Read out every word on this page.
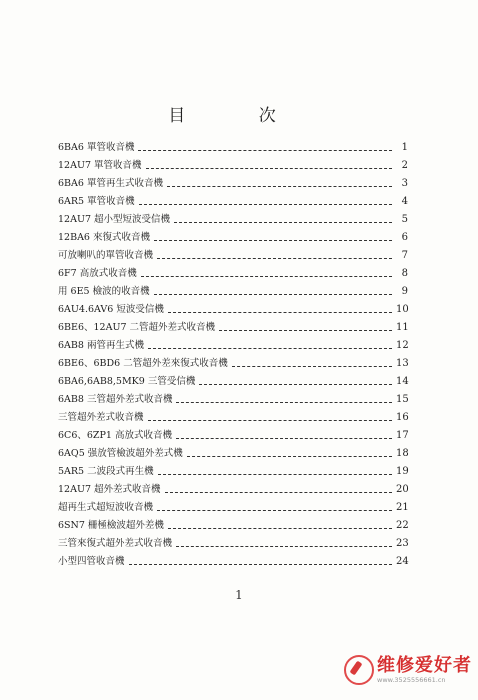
目 次
6BA6 單管收音機	1
12AU7 單管收音機	2
6BA6 單管再生式收音機	3
6AR5 單管收音機	4
12AU7 超小型短波受信機	5
12BA6 來復式收音機	6
可放喇叭的單管收音機	7
6F7 高放式收音機	8
用 6E5 檢波的收音機	9
6AU4.6AV6 短波受信機	10
6BE6、12AU7 二管超外差式收音機	11
6AB8 兩管再生式機	12
6BE6、6BD6 二管超外差來復式收音機	13
6BA6,6AB8,5MK9 三管受信機	14
6AB8 三管超外差式收音機	15
三管超外差式收音機	16
6C6、6ZP1 高放式收音機	17
6AQ5 强放管檢波超外差式機	18
5AR5 二波段式再生機	19
12AU7 超外差式收音機	20
超再生式超短波收音機	21
6SN7 柵極檢波超外差機	22
三管來復式超外差式收音機	23
小型四管收音機	24
1
维修爱好者
www.3525556661.cn
